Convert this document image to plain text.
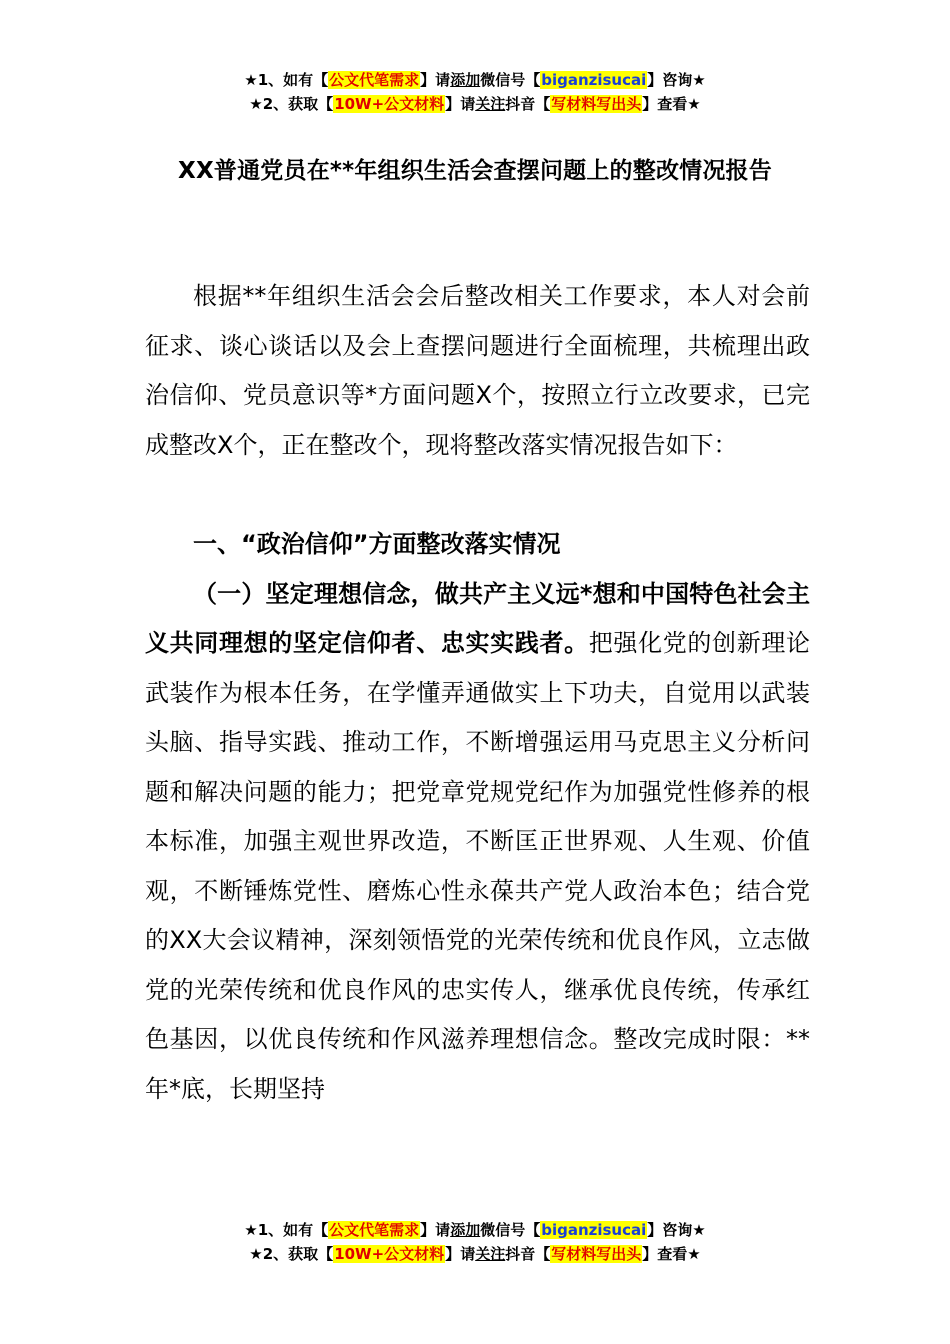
★1、如有【公文代笔需求】请添加微信号【biganzisucai】咨询★
★2、获取【10W+公文材料】请关注抖音【写材料写出头】查看★
XX普通党员在**年组织生活会查摆问题上的整改情况报告

根据**年组织生活会会后整改相关工作要求，本人对会前征求、谈心谈话以及会上查摆问题进行全面梳理，共梳理出政治信仰、党员意识等*方面问题X个，按照立行立改要求，已完成整改X个，正在整改个，现将整改落实情况报告如下：

一、“政治信仰”方面整改落实情况

（一）坚定理想信念，做共产主义远*想和中国特色社会主义共同理想的坚定信仰者、忠实实践者。把强化党的创新理论武装作为根本任务，在学懂弄通做实上下功夫，自觉用以武装头脑、指导实践、推动工作，不断增强运用马克思主义分析问题和解决问题的能力；把党章党规党纪作为加强党性修养的根本标准，加强主观世界改造，不断匡正世界观、人生观、价值观，不断锤炼党性、磨炼心性永葆共产党人政治本色；结合党的XX大会议精神，深刻领悟党的光荣传统和优良作风，立志做党的光荣传统和优良作风的忠实传人，继承优良传统，传承红色基因，以优良传统和作风滋养理想信念。整改完成时限：**年*底，长期坚持

★1、如有【公文代笔需求】请添加微信号【biganzisucai】咨询★
★2、获取【10W+公文材料】请关注抖音【写材料写出头】查看★
